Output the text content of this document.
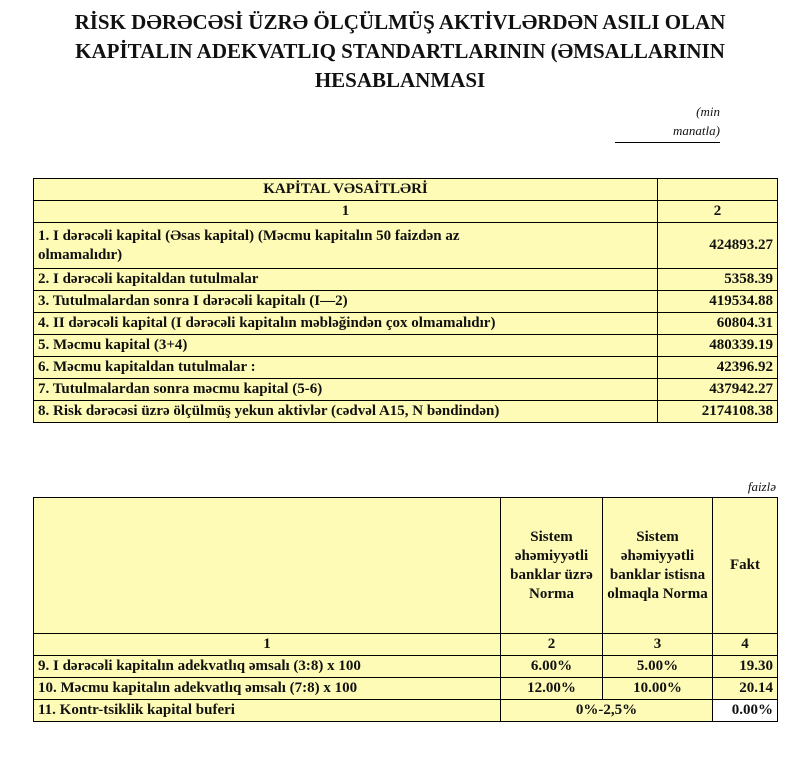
RİSK DƏRƏCƏSİ ÜZRƏ ÖLÇÜLMÜŞ AKTİVLƏRDƏN ASILI OLAN
KAPİTALIN ADEKVATLIQ STANDARTLARININ (ƏMSALLARININ
HESABLANMASI
(min
manatla)
KAPİTAL VƏSAİTLƏRİ	
1	2
1. I dərəcəli kapital (Əsas kapital) (Məcmu kapitalın 50 faizdən az olmamalıdır)	424893.27
2. I dərəcəli kapitaldan tutulmalar	5358.39
3. Tutulmalardan sonra I dərəcəli kapitalı (I—2)	419534.88
4. II dərəcəli kapital (I dərəcəli kapitalın məbləğindən çox olmamalıdır)	60804.31
5. Məcmu kapital (3+4)	480339.19
6. Məcmu kapitaldan tutulmalar :	42396.92
7. Tutulmalardan sonra məcmu kapital (5-6)	437942.27
8. Risk dərəcəsi üzrə ölçülmüş yekun aktivlər (cədvəl A15, N bəndindən)	2174108.38
faizlə
	Sistem əhəmiyyətli banklar üzrə Norma	Sistem əhəmiyyətli banklar istisna olmaqla Norma	Fakt
1	2	3	4
9. I dərəcəli kapitalın adekvatlıq əmsalı (3:8) x 100	6.00%	5.00%	19.30
10. Məcmu kapitalın adekvatlıq əmsalı (7:8) x 100	12.00%	10.00%	20.14
11. Kontr-tsiklik kapital buferi	0%-2,5%		0.00%
